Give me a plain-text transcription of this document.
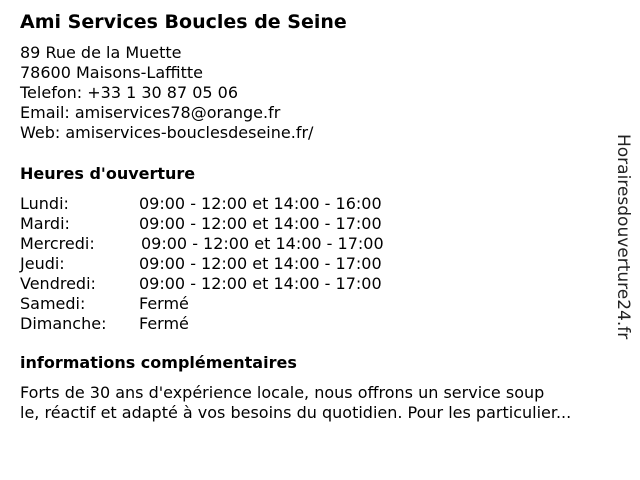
Ami Services Boucles de Seine
89 Rue de la Muette
78600 Maisons-Laffitte
Telefon: +33 1 30 87 05 06
Email: amiservices78@orange.fr
Web: amiservices-bouclesdeseine.fr/
Heures d'ouverture
Lundi:	09:00 - 12:00 et 14:00 - 16:00
Mardi:	09:00 - 12:00 et 14:00 - 17:00
Mercredi:	09:00 - 12:00 et 14:00 - 17:00
Jeudi:	09:00 - 12:00 et 14:00 - 17:00
Vendredi:	09:00 - 12:00 et 14:00 - 17:00
Samedi:	Fermé
Dimanche: Fermé
informations complémentaires
Forts de 30 ans d'expérience locale, nous offrons un service soup
le, réactif et adapté à vos besoins du quotidien. Pour les particulier...
Horairesdouverture24.fr
